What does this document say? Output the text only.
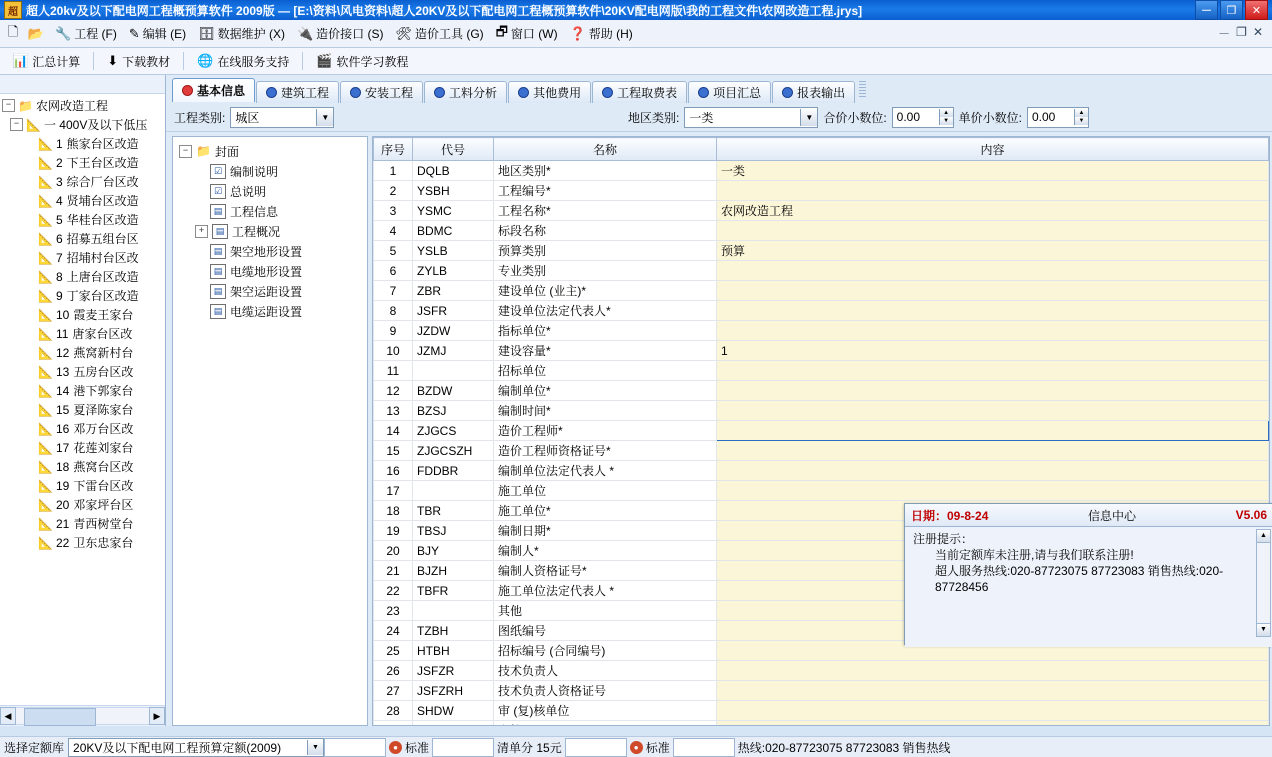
超 超人20kv及以下配电网工程概预算软件 2009版 — [E:\资料\风电资料\超人20KV及以下配电网工程概预算软件\20KV配电网版\我的工程文件\农网改造工程.jrys]	－	❐	✕
🗋 📂 🔧 工程 (F) ✎ 编辑 (E) 🗄 数据维护 (X) 🔌 造价接口 (S) 🛠 造价工具 (G) 🗗 窗口 (W) ❓ 帮助 (H)	－ ❐ ✕
📊 汇总计算 ⬇ 下载教材 🌐 在线服务支持 🎬 软件学习教程
− 📁 农网改造工程
− 📐 一 400V及以下低压
📐 1 熊家台区改造
📐 2 下王台区改造
📐 3 综合厂台区改
📐 4 贤埔台区改造
📐 5 华桂台区改造
📐 6 招募五组台区
📐 7 招埔村台区改
📐 8 上唐台区改造
📐 9 丁家台区改造
📐 10 霞麦王家台
📐 11 唐家台区改
📐 12 燕窝新村台
📐 13 五房台区改
📐 14 港下郭家台
📐 15 夏泽陈家台
📐 16 邓万台区改
📐 17 花莲刘家台
📐 18 燕窝台区改
📐 19 下雷台区改
📐 20 邓家坪台区
📐 21 青西树堂台
📐 22 卫东忠家台
◀	▶
基本信息	建筑工程	安装工程	工料分析	其他费用	工程取费表	项目汇总	报表输出
工程类别: 城区	▼	地区类别: 一类	▼ 合价小数位: 0.00	▲
▼ 单价小数位: 0.00	▲
▼
− 📁 封面
☑ 编制说明
☑ 总说明
▤ 工程信息
+	▤ 工程概况
▤ 架空地形设置
▤ 电缆地形设置
▤ 架空运距设置
▤ 电缆运距设置
序号	代号	名称	内容
1	DQLB	地区类别*	一类
2	YSBH	工程编号*	
3	YSMC	工程名称*	农网改造工程
4	BDMC	标段名称	
5	YSLB	预算类别	预算
6	ZYLB	专业类别	
7	ZBR	建设单位 (业主)*	
8	JSFR	建设单位法定代表人*	
9	JZDW	指标单位*	
10	JZMJ	建设容量*	1
11		招标单位	
12	BZDW	编制单位*	
13	BZSJ	编制时间*	
14	ZJGCS	造价工程师*	
15	ZJGCSZH	造价工程师资格证号*	
16	FDDBR	编制单位法定代表人 *	
17		施工单位	
18	TBR	施工单位*	
19	TBSJ	编制日期*	
20	BJY	编制人*	
21	BJZH	编制人资格证号*	
22	TBFR	施工单位法定代表人 *	
23		其他	
24	TZBH	图纸编号	
25	HTBH	招标编号 (合同编号)	
26	JSFZR	技术负责人	
27	JSFZRH	技术负责人资格证号	
28	SHDW	审 (复)核单位	

日期：09-8-24	信息中心	V5.06
注册提示：
当前定额库未注册,请与我们联系注册!
超人服务热线:020-87723075 87723083 销售热线:020-87728456
▲
▼
选择定额库 20KV及以下配电网工程预算定额(2009)	▼	● 标准	清单分 15元	● 标准	热线:020-87723075 87723083 销售热线
